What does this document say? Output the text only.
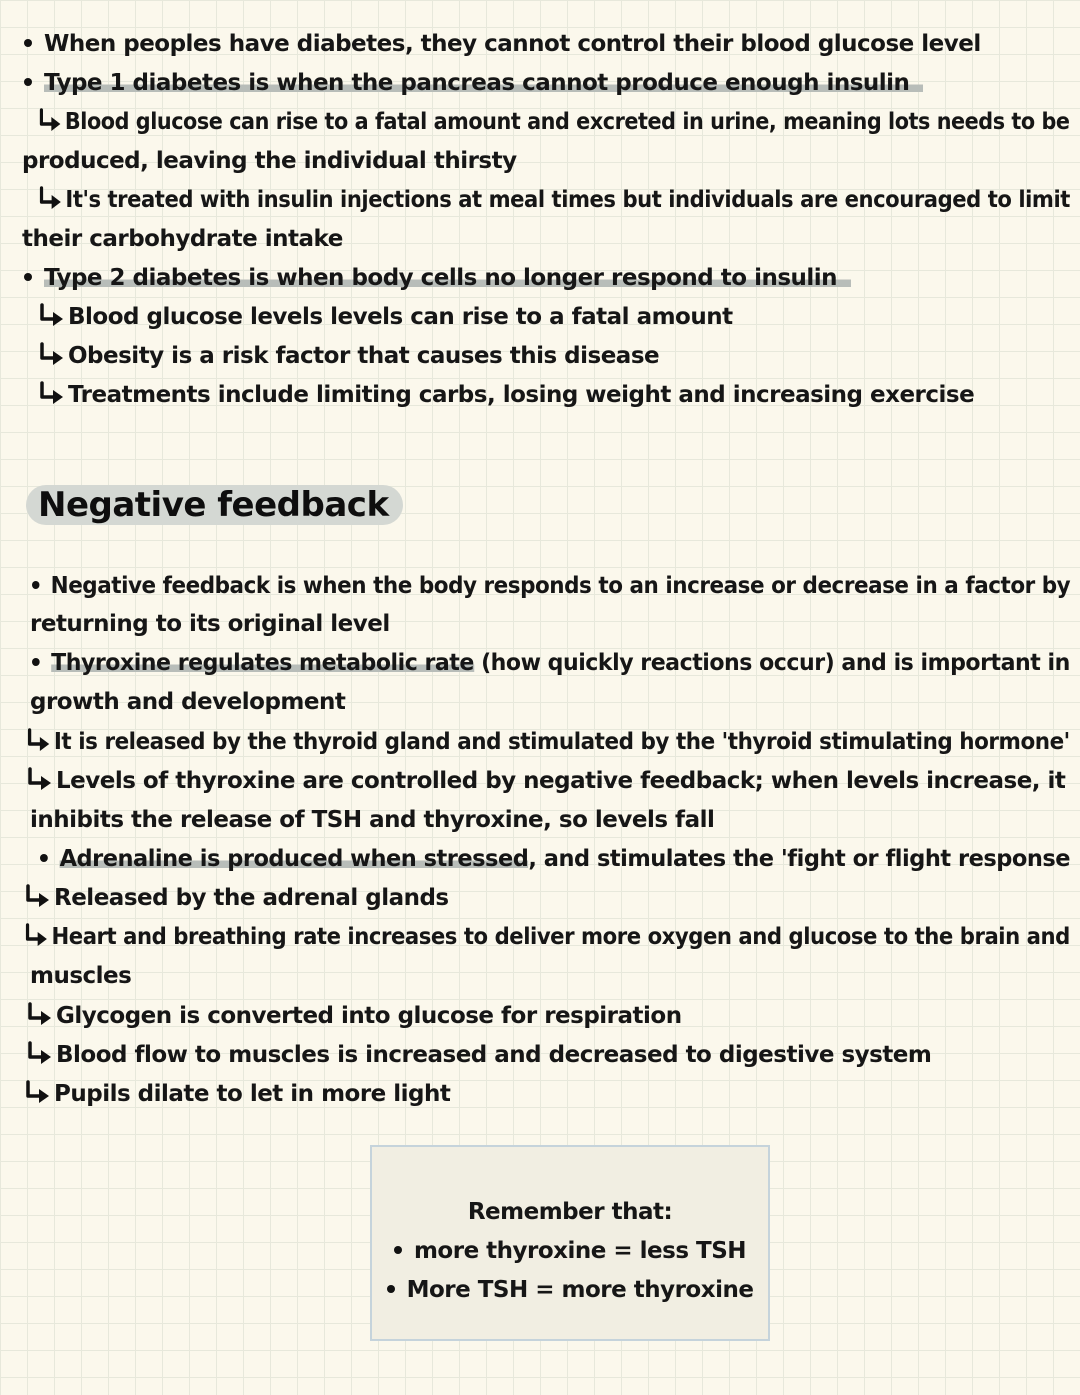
When peoples have diabetes, they cannot control their blood glucose level
Type 1 diabetes is when the pancreas cannot produce enough insulin
Blood glucose can rise to a fatal amount and excreted in urine, meaning lots needs to be
produced, leaving the individual thirsty
It's treated with insulin injections at meal times but individuals are encouraged to limit
their carbohydrate intake
Type 2 diabetes is when body cells no longer respond to insulin
Blood glucose levels levels can rise to a fatal amount
Obesity is a risk factor that causes this disease
Treatments include limiting carbs, losing weight and increasing exercise
Negative feedback
Negative feedback is when the body responds to an increase or decrease in a factor by
returning to its original level
Thyroxine regulates metabolic rate (how quickly reactions occur) and is important in
growth and development
It is released by the thyroid gland and stimulated by the 'thyroid stimulating hormone'
Levels of thyroxine are controlled by negative feedback; when levels increase, it
inhibits the release of TSH and thyroxine, so levels fall
Adrenaline is produced when stressed, and stimulates the 'fight or flight response
Released by the adrenal glands
Heart and breathing rate increases to deliver more oxygen and glucose to the brain and
muscles
Glycogen is converted into glucose for respiration
Blood flow to muscles is increased and decreased to digestive system
Pupils dilate to let in more light
Remember that:
more thyroxine = less TSH
More TSH = more thyroxine
